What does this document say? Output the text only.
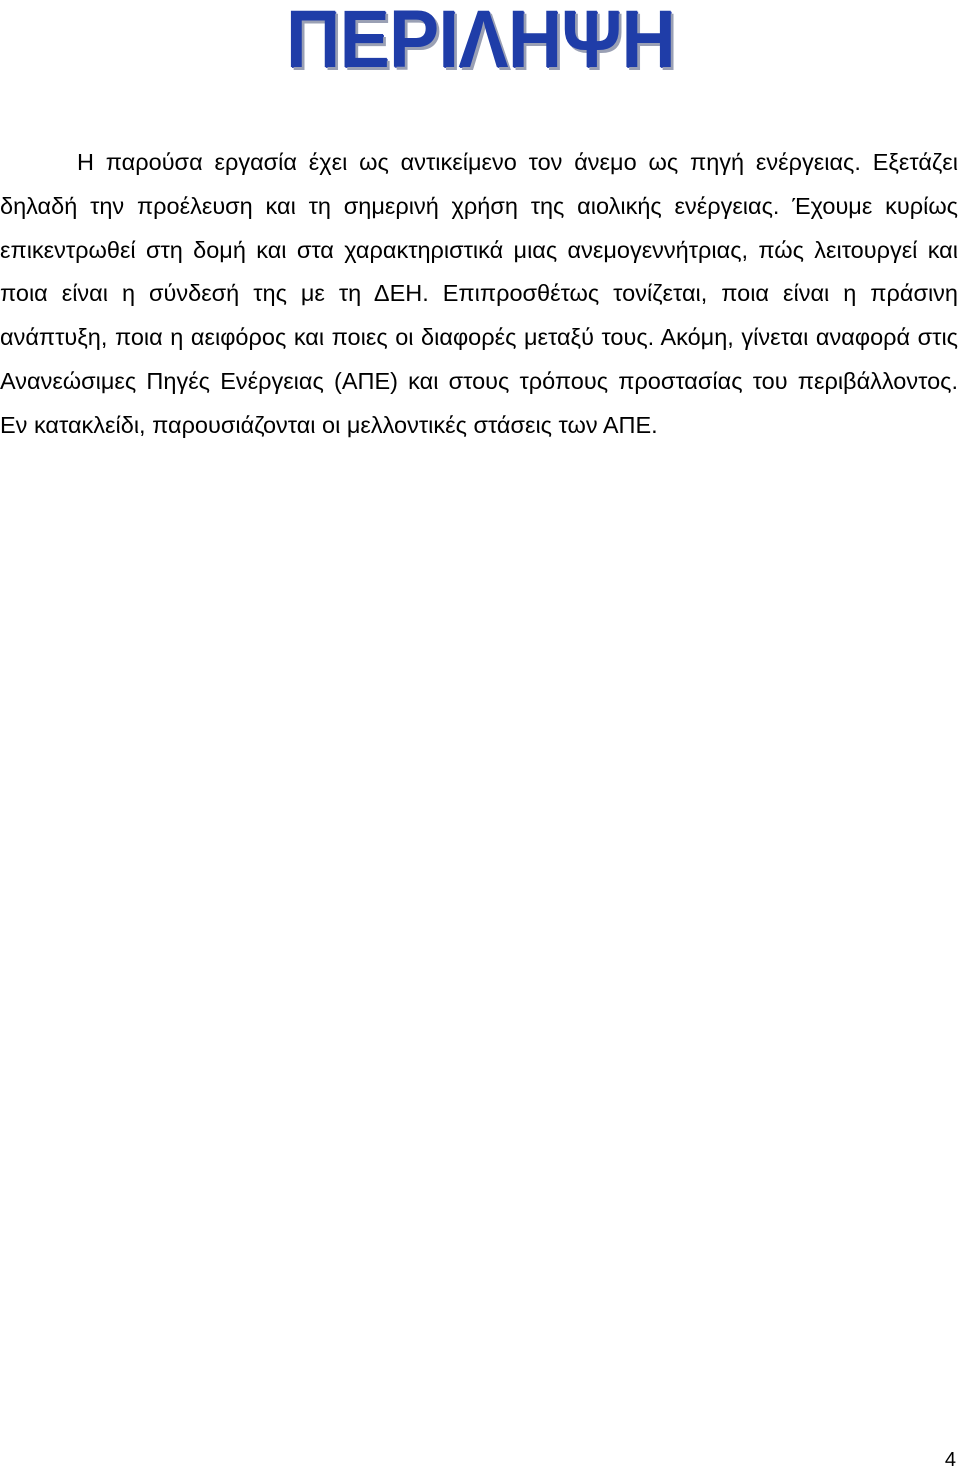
ΠΕΡΙΛΗΨΗ

Η παρούσα εργασία έχει ως αντικείμενο τον άνεμο ως πηγή ενέργειας. Εξετάζει δηλαδή την προέλευση και τη σημερινή χρήση της αιολικής ενέργειας. Έχουμε κυρίως επικεντρωθεί στη δομή και στα χαρακτηριστικά μιας ανεμογεννήτριας, πώς λειτουργεί και ποια είναι η σύνδεσή της με τη ΔΕΗ. Επιπροσθέτως τονίζεται, ποια είναι η πράσινη ανάπτυξη, ποια η αειφόρος και ποιες οι διαφορές μεταξύ τους. Ακόμη, γίνεται αναφορά στις Ανανεώσιμες Πηγές Ενέργειας (ΑΠΕ) και στους τρόπους προστασίας του περιβάλλοντος. Εν κατακλείδι, παρουσιάζονται οι μελλοντικές στάσεις των ΑΠΕ.

4
